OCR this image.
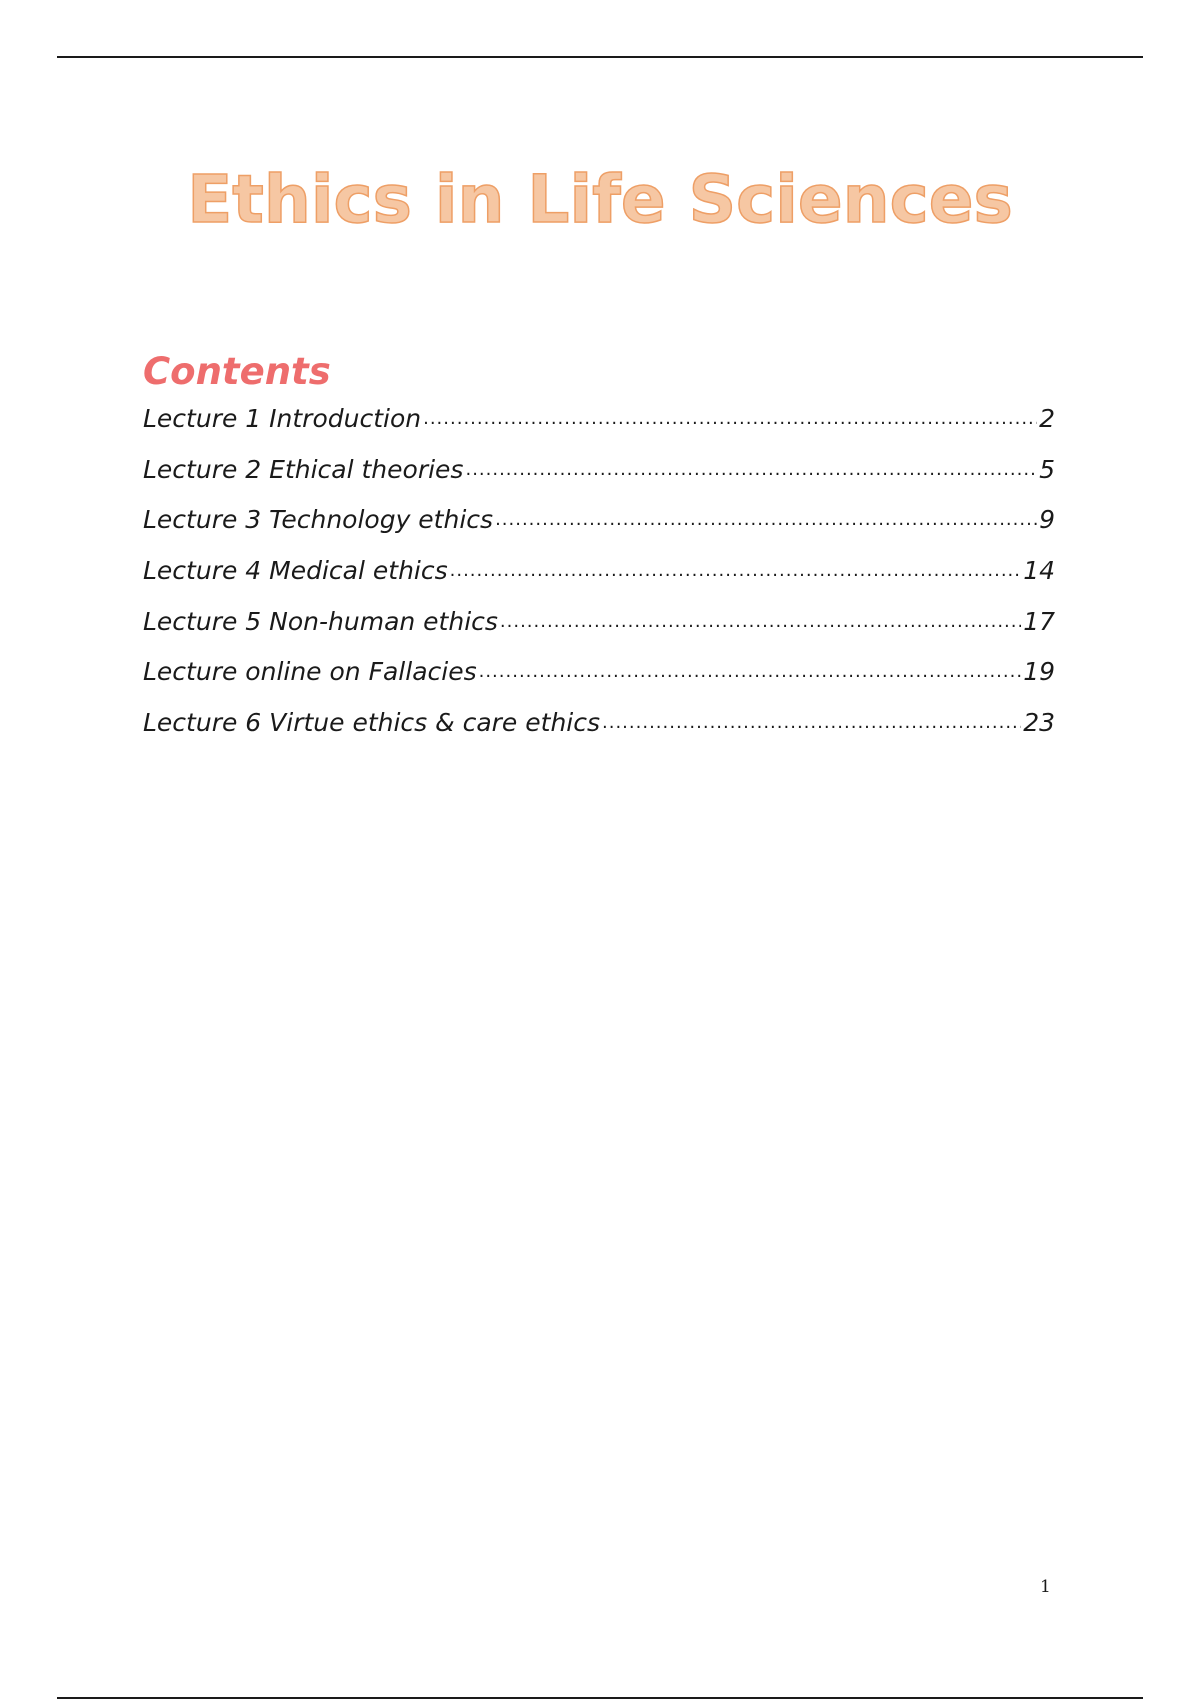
Ethics in Life Sciences
Contents
Lecture 1 Introduction .....	2
Lecture 2 Ethical theories .....	5
Lecture 3 Technology ethics .....	9
Lecture 4 Medical ethics .....	14
Lecture 5 Non-human ethics .....	17
Lecture online on Fallacies .....	19
Lecture 6 Virtue ethics & care ethics .....	23
1
